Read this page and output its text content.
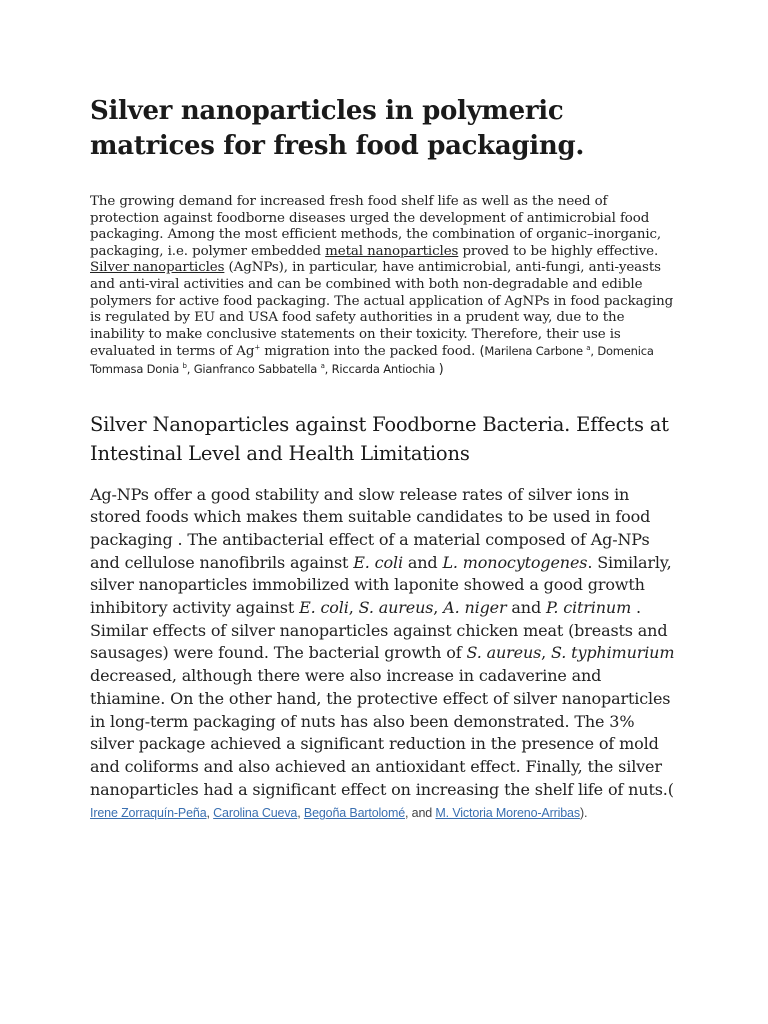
Silver nanoparticles in polymeric matrices for fresh food packaging.

The growing demand for increased fresh food shelf life as well as the need of protection against foodborne diseases urged the development of antimicrobial food packaging. Among the most efficient methods, the combination of organic–inorganic, packaging, i.e. polymer embedded metal nanoparticles proved to be highly effective. Silver nanoparticles (AgNPs), in particular, have antimicrobial, anti-fungi, anti-yeasts and anti-viral activities and can be combined with both non-degradable and edible polymers for active food packaging. The actual application of AgNPs in food packaging is regulated by EU and USA food safety authorities in a prudent way, due to the inability to make conclusive statements on their toxicity. Therefore, their use is evaluated in terms of Ag+ migration into the packed food. (Marilena Carbone $^a$, Domenica Tommasa Donia $^b$, Gianfranco Sabbatella $^a$, Riccarda Antiochia )

Silver Nanoparticles against Foodborne Bacteria. Effects at Intestinal Level and Health Limitations

Ag-NPs offer a good stability and slow release rates of silver ions in stored foods which makes them suitable candidates to be used in food packaging . The antibacterial effect of a material composed of Ag-NPs and cellulose nanofibrils against E. coli and L. monocytogenes. Similarly, silver nanoparticles immobilized with laponite showed a good growth inhibitory activity against E. coli, S. aureus, A. niger and P. citrinum . Similar effects of silver nanoparticles against chicken meat (breasts and sausages) were found. The bacterial growth of S. aureus, S. typhimurium decreased, although there were also increase in cadaverine and thiamine. On the other hand, the protective effect of silver nanoparticles in long-term packaging of nuts has also been demonstrated. The 3% silver package achieved a significant reduction in the presence of mold and coliforms and also achieved an antioxidant effect. Finally, the silver nanoparticles had a significant effect on increasing the shelf life of nuts.( Irene Zorraquín-Peña, Carolina Cueva, Begoña Bartolomé, and M. Victoria Moreno-Arribas).
